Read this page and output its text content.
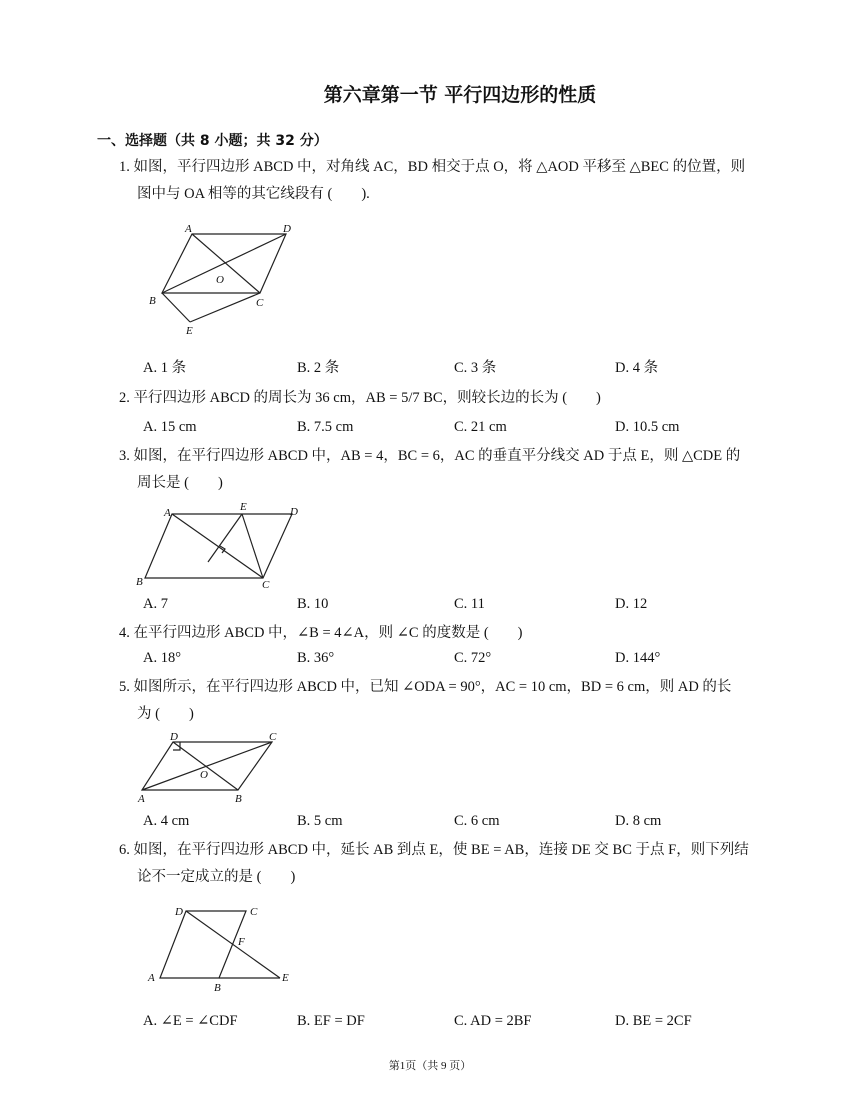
第六章第一节 平行四边形的性质
一、选择题（共 8 小题；共 32 分）
1. 如图，平行四边形 ABCD 中，对角线 AC，BD 相交于点 O，将 △AOD 平移至 △BEC 的位置，则
图中与 OA 相等的其它线段有 (　　).
A	D
O
B	C
E
A. 1 条	B. 2 条	C. 3 条	D. 4 条
2. 平行四边形 ABCD 的周长为 36 cm，AB = 5/7 BC，则较长边的长为 (　　)
A. 15 cm	B. 7.5 cm	C. 21 cm	D. 10.5 cm
3. 如图，在平行四边形 ABCD 中，AB = 4，BC = 6，AC 的垂直平分线交 AD 于点 E，则 △CDE 的
周长是 (　　)
A	E	D
B	C
A. 7	B. 10	C. 11	D. 12
4. 在平行四边形 ABCD 中，∠B = 4∠A，则 ∠C 的度数是 (　　)
A. 18°	B. 36°	C. 72°	D. 144°
5. 如图所示，在平行四边形 ABCD 中，已知 ∠ODA = 90°，AC = 10 cm，BD = 6 cm，则 AD 的长
为 (　　)
D	C
O
A	B
A. 4 cm	B. 5 cm	C. 6 cm	D. 8 cm
6. 如图，在平行四边形 ABCD 中，延长 AB 到点 E，使 BE = AB，连接 DE 交 BC 于点 F，则下列结
论不一定成立的是 (　　)
D	C
F
A
B
E
A. ∠E = ∠CDF	B. EF = DF	C. AD = 2BF	D. BE = 2CF
第1页（共 9 页）
